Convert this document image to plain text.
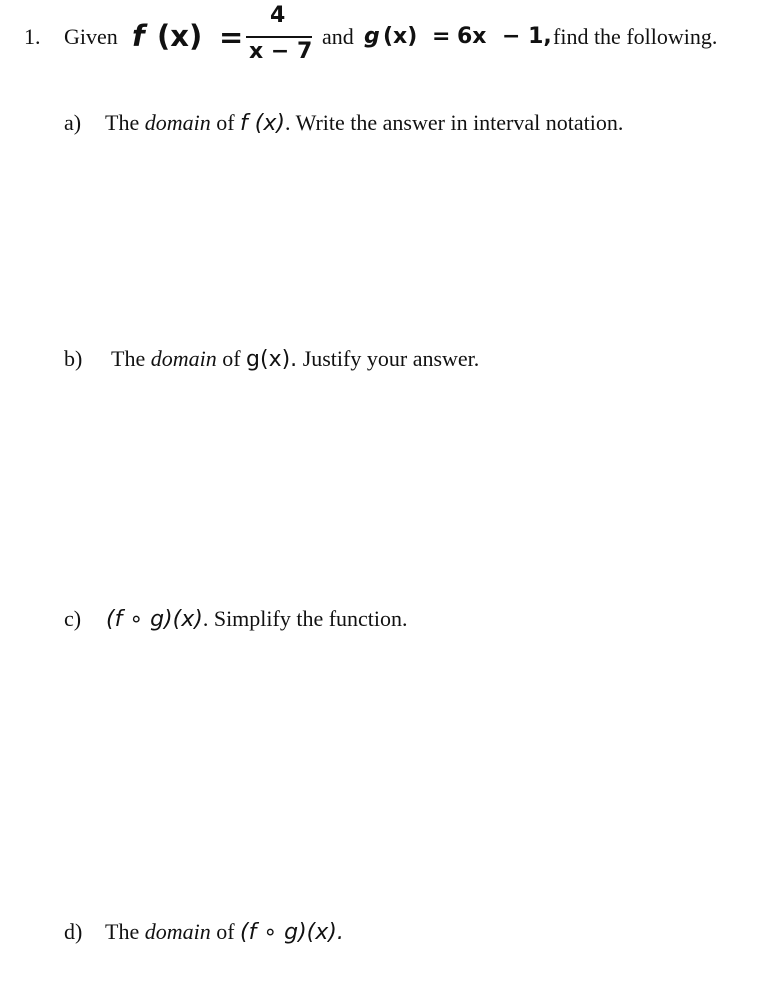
1. Given f (x) =
4
x − 7
and g (x) = 6x − 1, find the following.
a) The domain of f (x). Write the answer in interval notation.
b) The domain of g(x). Justify your answer.
c) (f ∘ g)(x). Simplify the function.
d) The domain of (f ∘ g)(x).
